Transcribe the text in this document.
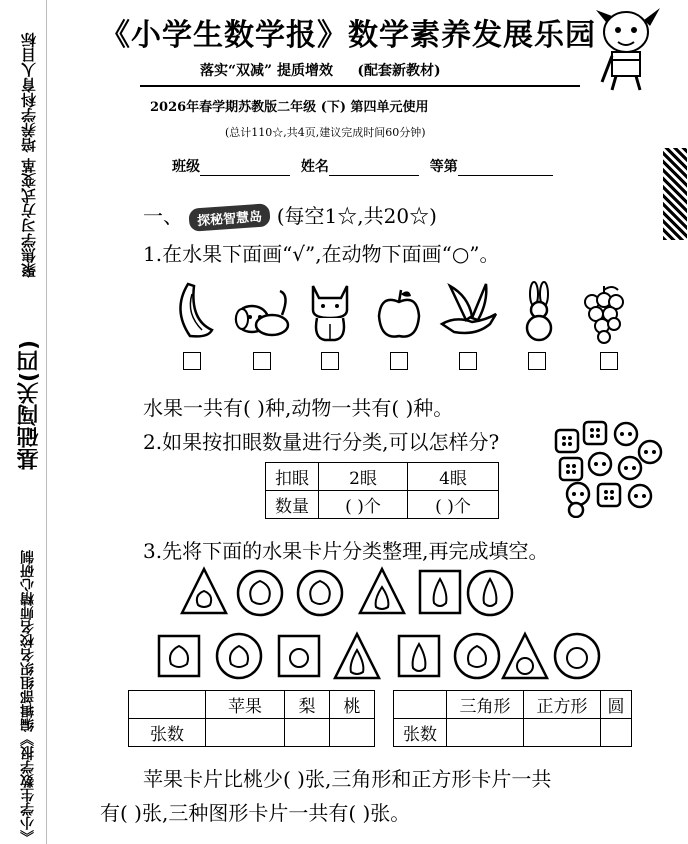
聚焦学习方式变革 培养学科育人目标
基础闯关(四)
《小学生数学报》编辑部组织名校名师精心研制
《小学生数学报》数学素养发展乐园
落实“双减” 提质增效 (配套新教材)
2026年春学期苏教版二年级 (下) 第四单元使用
(总计110☆,共4页,建议完成时间60分钟)
班级	姓名	等第
一、 探秘智慧岛 (每空1☆,共20☆)
1.在水果下面画“√”,在动物下面画“○”。
水果一共有( )种,动物一共有( )种。
2.如果按扣眼数量进行分类,可以怎样分?
扣眼	2眼	4眼
数量	( )个	( )个
3.先将下面的水果卡片分类整理,再完成填空。
	苹果	梨	桃
张数			
	三角形	正方形	圆
张数			
苹果卡片比桃少( )张,三角形和正方形卡片一共
有( )张,三种图形卡片一共有( )张。
